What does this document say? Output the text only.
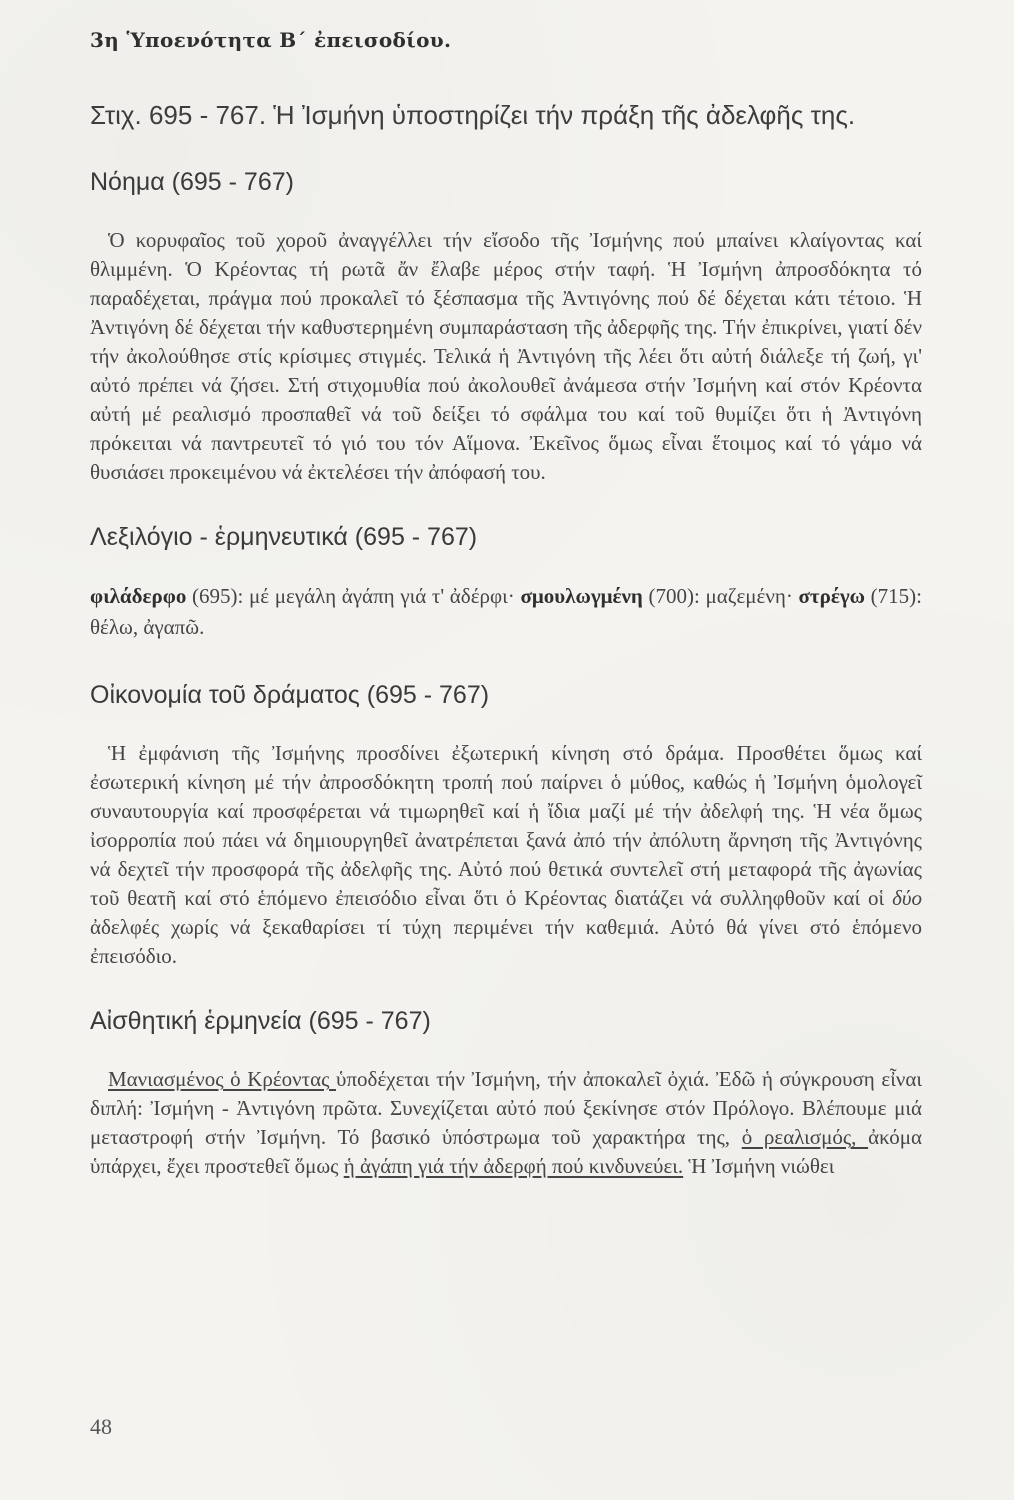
3η Ὑποενότητα Β΄ ἐπεισοδίου.
Στιχ. 695 - 767. Ἡ Ἰσμήνη ὑποστηρίζει τήν πράξη τῆς ἀδελφῆς της.
Νόημα (695 - 767)

Ὁ κορυφαῖος τοῦ χοροῦ ἀναγγέλλει τήν εἴσοδο τῆς Ἰσμήνης πού μπαίνει κλαίγοντας καί θλιμμένη. Ὁ Κρέοντας τή ρωτᾶ ἄν ἔλαβε μέρος στήν ταφή. Ἡ Ἰσμήνη ἀπροσδόκητα τό παραδέχεται, πράγμα πού προκαλεῖ τό ξέσπασμα τῆς Ἀντιγόνης πού δέ δέχεται κάτι τέτοιο. Ἡ Ἀντιγόνη δέ δέχεται τήν καθυστερημένη συμπαράσταση τῆς ἀδερφῆς της. Τήν ἐπικρίνει, γιατί δέν τήν ἀκολούθησε στίς κρίσιμες στιγμές. Τελικά ἡ Ἀντιγόνη τῆς λέει ὅτι αὐτή διάλεξε τή ζωή, γι' αὐτό πρέπει νά ζήσει. Στή στιχομυθία πού ἀκολουθεῖ ἀνάμεσα στήν Ἰσμήνη καί στόν Κρέοντα αὐτή μέ ρεαλισμό προσπαθεῖ νά τοῦ δείξει τό σφάλμα του καί τοῦ θυμίζει ὅτι ἡ Ἀντιγόνη πρόκειται νά παντρευτεῖ τό γιό του τόν Αἵμονα. Ἐκεῖνος ὅμως εἶναι ἕτοιμος καί τό γάμο νά θυσιάσει προκειμένου νά ἐκτελέσει τήν ἀπόφασή του.

Λεξιλόγιο - ἑρμηνευτικά (695 - 767)

φιλάδερφο (695): μέ μεγάλη ἀγάπη γιά τ' ἀδέρφι· σμουλωγμένη (700): μαζεμένη· στρέγω (715): θέλω, ἀγαπῶ.

Οἰκονομία τοῦ δράματος (695 - 767)

Ἡ ἐμφάνιση τῆς Ἰσμήνης προσδίνει ἐξωτερική κίνηση στό δράμα. Προσθέτει ὅμως καί ἐσωτερική κίνηση μέ τήν ἀπροσδόκητη τροπή πού παίρνει ὁ μύθος, καθώς ἡ Ἰσμήνη ὁμολογεῖ συναυτουργία καί προσφέρεται νά τιμωρηθεῖ καί ἡ ἴδια μαζί μέ τήν ἀδελφή της. Ἡ νέα ὅμως ἰσορροπία πού πάει νά δημιουργηθεῖ ἀνατρέπεται ξανά ἀπό τήν ἀπόλυτη ἄρνηση τῆς Ἀντιγόνης νά δεχτεῖ τήν προσφορά τῆς ἀδελφῆς της. Αὐτό πού θετικά συντελεῖ στή μεταφορά τῆς ἀγωνίας τοῦ θεατῆ καί στό ἑπόμενο ἐπεισόδιο εἶναι ὅτι ὁ Κρέοντας διατάζει νά συλληφθοῦν καί οἱ δύο ἀδελφές χωρίς νά ξεκαθαρίσει τί τύχη περιμένει τήν καθεμιά. Αὐτό θά γίνει στό ἑπόμενο ἐπεισόδιο.

Αἰσθητική ἑρμηνεία (695 - 767)

Μανιασμένος ὁ Κρέοντας ὑποδέχεται τήν Ἰσμήνη, τήν ἀποκαλεῖ ὀχιά. Ἐδῶ ἡ σύγκρουση εἶναι διπλή: Ἰσμήνη - Ἀντιγόνη πρῶτα. Συνεχίζεται αὐτό πού ξεκίνησε στόν Πρόλογο. Βλέπουμε μιά μεταστροφή στήν Ἰσμήνη. Τό βασικό ὑπόστρωμα τοῦ χαρακτήρα της, ὁ ρεαλισμός, ἀκόμα ὑπάρχει, ἔχει προστεθεῖ ὅμως ἡ ἀγάπη γιά τήν ἀδερφή πού κινδυνεύει. Ἡ Ἰσμήνη νιώθει

48
